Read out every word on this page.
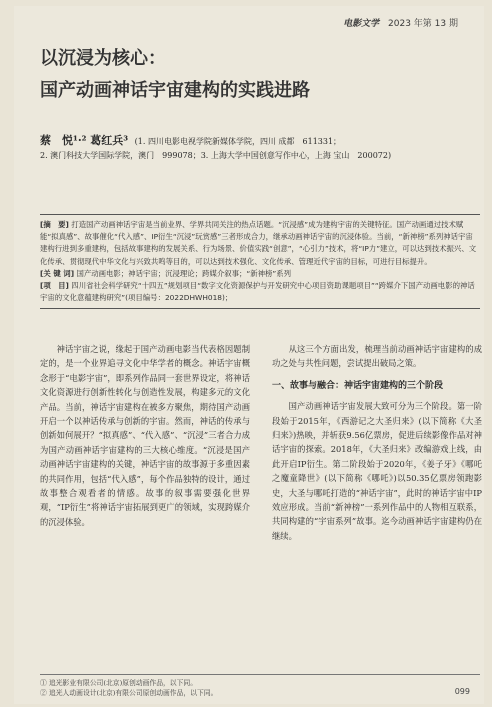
电影文学 2023 年第 13 期
以沉浸为核心：
国产动画神话宇宙建构的实践进路
蔡　悦¹·² 葛红兵³ (1. 四川电影电视学院新媒体学院，四川 成都　611331；
2. 澳门科技大学国际学院，澳门　999078；3. 上海大学中国创意写作中心，上海 宝山　200072)
[摘　要] 打造国产动画神话宇宙是当前业界、学界共同关注的热点话题。“沉浸感”成为建构宇宙的关键特征。国产动画通过技术赋能“拟真感”、故事催化“代入感”、IP衍生“沉浸”玩赏感”三者形成合力，继承动画神话宇宙的沉浸体验。当前，“新神榜”系列神话宇宙建构行进到多重建构，包括故事建构的发展关系、行为场景、价值实践“创意”，“心引力”技术，将“IP力”建立，可以达到技术振兴、文化传承、贯彻现代中华文化与兴致共鸣等目的，可以达到技术强化、文化传承、管理近代宇宙的目标，可进行目标提升。
[关 键 词] 国产动画电影；神话宇宙；沉浸理论；跨媒介叙事；“新神榜”系列
[项　目] 四川省社会科学研究“十四五”规划项目“数字文化资源保护与开发研究中心项目资助课题项目”“跨媒介下国产动画电影的神话宇宙的文化意蕴建构研究”(项目编号：2022DHWH018)；

神话宇宙之说，缘起于国产动画电影当代表格因题制定的，是一个业界追寻文化中华学者的概念。神话宇宙概念形于“电影宇宙”，即系列作品同一套世界设定，将神话文化资源进行创新性转化与创造性发展，构建多元的文化产品。当前，神话宇宙建构在被多方聚焦，期待国产动画开启一个以神话传承与创新的宇宙。然而，神话的传承与创新如何展开？“拟真感”、“代入感”、“沉浸”三者合力成为国产动画神话宇宙建构的三大核心维度。“沉浸是国产动画神话宇宙建构的关键，神话宇宙的故事源于多重因素的共同作用，包括“代入感”，每个作品独特的设计，通过故事整合观看者的情感。故事的叙事需要强化世界观，“IP衍生”将神话宇宙拓展到更广的领域，实现跨媒介的沉浸体验。

从这三个方面出发，梳理当前动画神话宇宙建构的成功之处与共性问题，尝试提出破局之策。

一、故事与融合：神话宇宙建构的三个阶段

国产动画神话宇宙发展大致可分为三个阶段。第一阶段始于2015年，《西游记之大圣归来》(以下简称《大圣归来》)热映，并斩获9.56亿票房，促进后续影像作品对神话宇宙的探索。2018年，《大圣归来》改编游戏上线，由此开启IP衍生。第二阶段始于2020年，《姜子牙》《哪吒之魔童降世》(以下简称《哪吒》)以50.35亿票房领跑影史，大圣与哪吒打造的“神话宇宙”，此时的神话宇宙中IP效应形成。当前“新神榜”一系列作品中的人物相互联系，共同构建的“宇宙系列”故事。迄今动画神话宇宙建构仍在继续。

① 追光影业有限公司(北京)原创动画作品，以下同。
② 追光人动画设计(北京)有限公司原创动画作品，以下同。	099
